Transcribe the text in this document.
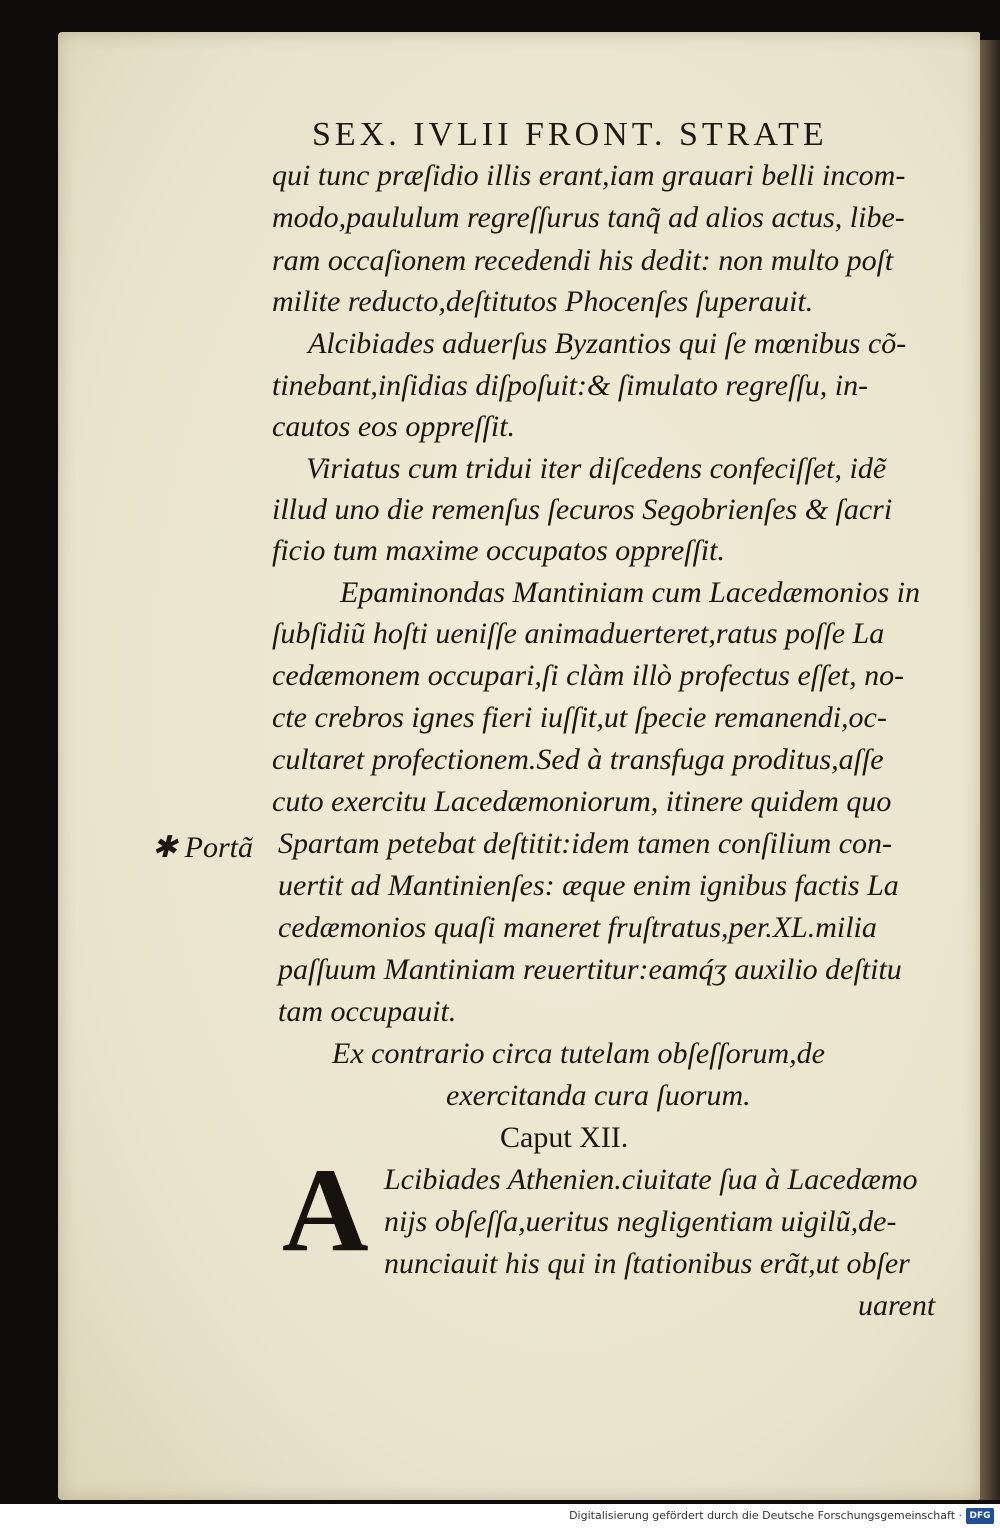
SEX. IVLII FRONT. STRATE
✱ Portã
A
qui tunc præſidio illis erant,iam grauari belli incom-
modo,paululum regreſſurus tanq̃ ad alios actus, libe-
ram occaſionem recedendi his dedit: non multo poſt
milite reducto,deſtitutos Phocenſes ſuperauit.
Alcibiades aduerſus Byzantios qui ſe mœnibus cõ-
tinebant,inſidias diſpoſuit:& ſimulato regreſſu, in-
cautos eos oppreſſit.
Viriatus cum tridui iter diſcedens confeciſſet, idẽ
illud uno die remenſus ſecuros Segobrienſes & ſacri
ficio tum maxime occupatos oppreſſit.
Epaminondas Mantiniam cum Lacedæmonios in
ſubſidiũ hoſti ueniſſe animaduerteret,ratus poſſe La
cedæmonem occupari,ſi clàm illò profectus eſſet, no-
cte crebros ignes fieri iuſſit,ut ſpecie remanendi,oc-
cultaret profectionem.Sed à transfuga proditus,aſſe
cuto exercitu Lacedæmoniorum, itinere quidem quo
Spartam petebat deſtitit:idem tamen conſilium con-
uertit ad Mantinienſes: æque enim ignibus factis La
cedæmonios quaſi maneret fruſtratus,per.XL.milia
paſſuum Mantiniam reuertitur:eamq́ʒ auxilio deſtitu
tam occupauit.
Ex contrario circa tutelam obſeſſorum,de
exercitanda cura ſuorum.
Caput XII.
Lcibiades Athenien.ciuitate ſua à Lacedæmo
nijs obſeſſa,ueritus negligentiam uigilũ,de-
nunciauit his qui in ſtationibus erãt,ut obſer
uarent
Digitalisierung gefördert durch die Deutsche Forschungsgemeinschaft · DFG
